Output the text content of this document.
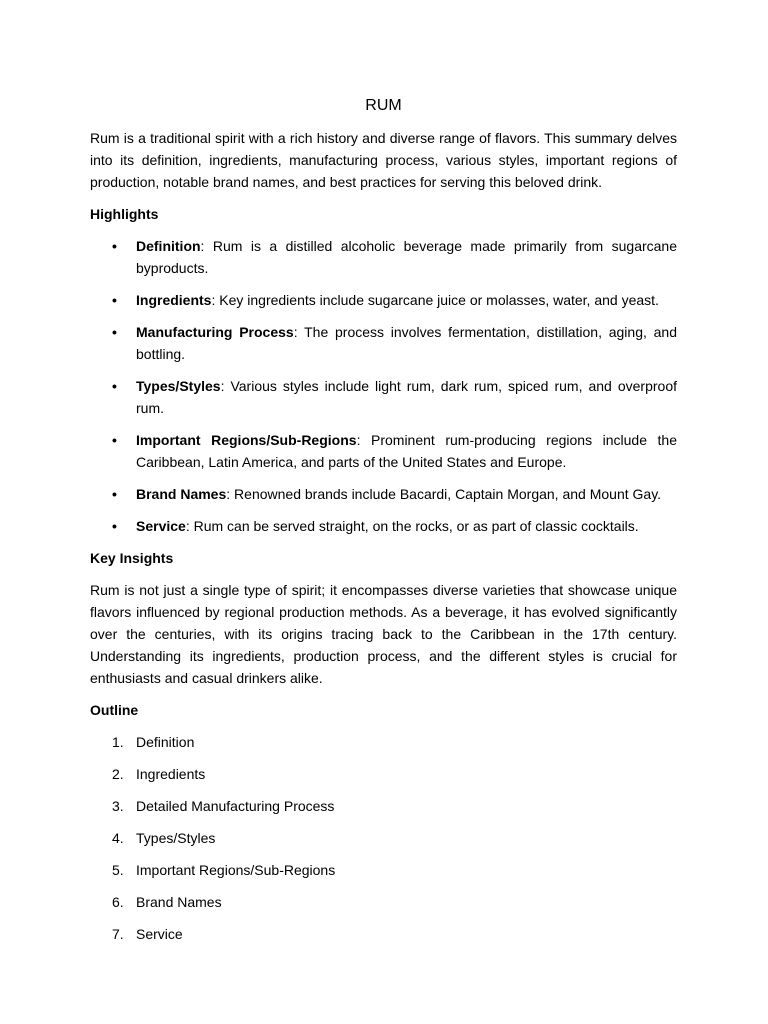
RUM

Rum is a traditional spirit with a rich history and diverse range of flavors. This summary delves into its definition, ingredients, manufacturing process, various styles, important regions of production, notable brand names, and best practices for serving this beloved drink.

Highlights
• Definition: Rum is a distilled alcoholic beverage made primarily from sugarcane byproducts.
• Ingredients: Key ingredients include sugarcane juice or molasses, water, and yeast.
• Manufacturing Process: The process involves fermentation, distillation, aging, and bottling.
• Types/Styles: Various styles include light rum, dark rum, spiced rum, and overproof rum.
• Important Regions/Sub-Regions: Prominent rum-producing regions include the Caribbean, Latin America, and parts of the United States and Europe.
• Brand Names: Renowned brands include Bacardi, Captain Morgan, and Mount Gay.
• Service: Rum can be served straight, on the rocks, or as part of classic cocktails.
Key Insights

Rum is not just a single type of spirit; it encompasses diverse varieties that showcase unique flavors influenced by regional production methods. As a beverage, it has evolved significantly over the centuries, with its origins tracing back to the Caribbean in the 17th century. Understanding its ingredients, production process, and the different styles is crucial for enthusiasts and casual drinkers alike.

Outline
1. Definition
2. Ingredients
3. Detailed Manufacturing Process
4. Types/Styles
5. Important Regions/Sub-Regions
6. Brand Names
7. Service
